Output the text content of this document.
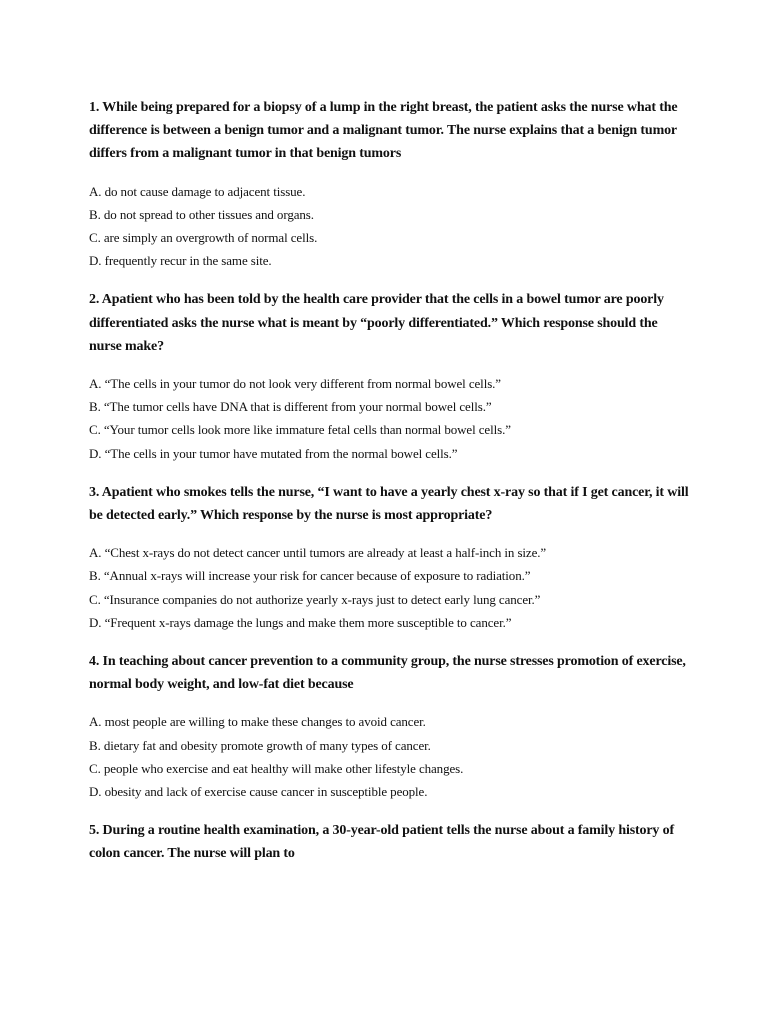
1. While being prepared for a biopsy of a lump in the right breast, the patient asks the nurse what the difference is between a benign tumor and a malignant tumor. The nurse explains that a benign tumor differs from a malignant tumor in that benign tumors

A. do not cause damage to adjacent tissue.
B. do not spread to other tissues and organs.
C. are simply an overgrowth of normal cells.
D. frequently recur in the same site.

2. Apatient who has been told by the health care provider that the cells in a bowel tumor are poorly differentiated asks the nurse what is meant by “poorly differentiated.” Which response should the nurse make?

A. “The cells in your tumor do not look very different from normal bowel cells.”
B. “The tumor cells have DNA that is different from your normal bowel cells.”
C. “Your tumor cells look more like immature fetal cells than normal bowel cells.”
D. “The cells in your tumor have mutated from the normal bowel cells.”

3. Apatient who smokes tells the nurse, “I want to have a yearly chest x-ray so that if I get cancer, it will be detected early.” Which response by the nurse is most appropriate?

A. “Chest x-rays do not detect cancer until tumors are already at least a half-inch in size.”
B. “Annual x-rays will increase your risk for cancer because of exposure to radiation.”
C. “Insurance companies do not authorize yearly x-rays just to detect early lung cancer.”
D. “Frequent x-rays damage the lungs and make them more susceptible to cancer.”

4. In teaching about cancer prevention to a community group, the nurse stresses promotion of exercise, normal body weight, and low-fat diet because

A. most people are willing to make these changes to avoid cancer.
B. dietary fat and obesity promote growth of many types of cancer.
C. people who exercise and eat healthy will make other lifestyle changes.
D. obesity and lack of exercise cause cancer in susceptible people.

5. During a routine health examination, a 30-year-old patient tells the nurse about a family history of colon cancer. The nurse will plan to
